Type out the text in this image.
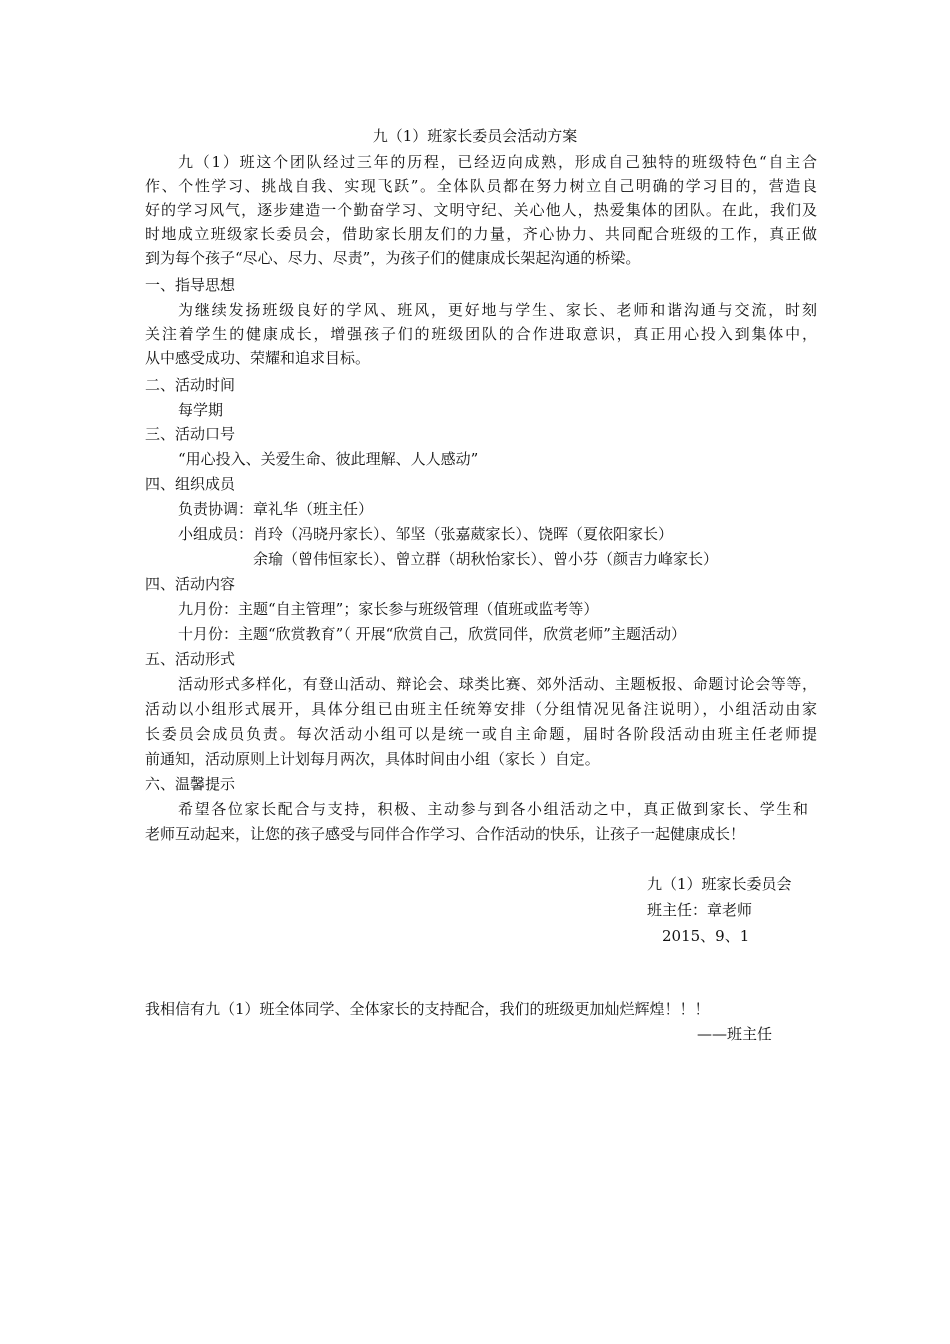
九（1）班家长委员会活动方案
九（1）班这个团队经过三年的历程，已经迈向成熟，形成自己独特的班级特色“自主合
作、个性学习、挑战自我、实现飞跃”。全体队员都在努力树立自己明确的学习目的，营造良
好的学习风气，逐步建造一个勤奋学习、文明守纪、关心他人，热爱集体的团队。在此，我们及
时地成立班级家长委员会，借助家长朋友们的力量，齐心协力、共同配合班级的工作，真正做
到为每个孩子“尽心、尽力、尽责”，为孩子们的健康成长架起沟通的桥梁。
一、指导思想
为继续发扬班级良好的学风、班风，更好地与学生、家长、老师和谐沟通与交流，时刻
关注着学生的健康成长，增强孩子们的班级团队的合作进取意识，真正用心投入到集体中，
从中感受成功、荣耀和追求目标。
二、活动时间
每学期
三、活动口号
“用心投入、关爱生命、彼此理解、人人感动”
四、组织成员
负责协调：章礼华（班主任）
小组成员：肖玲（冯晓丹家长）、邹坚（张嘉葳家长）、饶晖（夏依阳家长）
余瑜（曾伟恒家长）、曾立群（胡秋怡家长）、曾小芬（颜吉力峰家长）
四、活动内容
九月份：主题“自主管理”；家长参与班级管理（值班或监考等）
十月份：主题“欣赏教育”（ 开展“欣赏自己，欣赏同伴，欣赏老师”主题活动）
五、活动形式
活动形式多样化，有登山活动、辩论会、球类比赛、郊外活动、主题板报、命题讨论会等等，
活动以小组形式展开，具体分组已由班主任统筹安排（分组情况见备注说明），小组活动由家
长委员会成员负责。每次活动小组可以是统一或自主命题，届时各阶段活动由班主任老师提
前通知，活动原则上计划每月两次，具体时间由小组（家长 ）自定。
六、温馨提示
希望各位家长配合与支持，积极、主动参与到各小组活动之中，真正做到家长、学生和
老师互动起来，让您的孩子感受与同伴合作学习、合作活动的快乐，让孩子一起健康成长！
九（1）班家长委员会
班主任：章老师
2015、9、1
我相信有九（1）班全体同学、全体家长的支持配合，我们的班级更加灿烂辉煌！！！
——班主任
